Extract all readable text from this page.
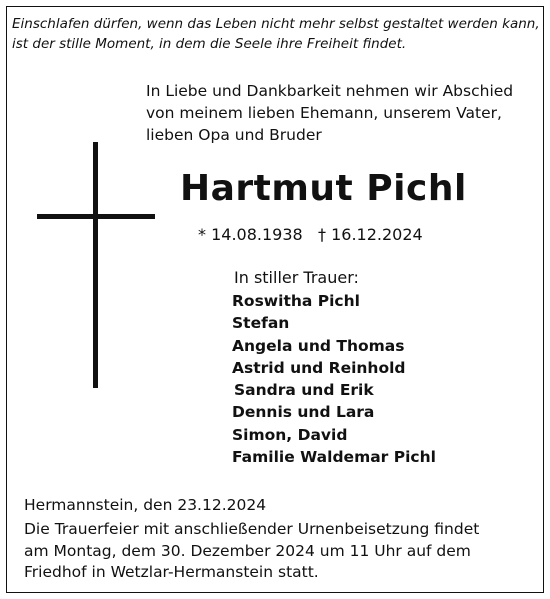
Einschlafen dürfen, wenn das Leben nicht mehr selbst gestaltet werden kann,
ist der stille Moment, in dem die Seele ihre Freiheit findet.
In Liebe und Dankbarkeit nehmen wir Abschied
von meinem lieben Ehemann, unserem Vater,
lieben Opa und Bruder
Hartmut Pichl
* 14.08.1938 † 16.12.2024
In stiller Trauer:
Roswitha Pichl
Stefan
Angela und Thomas
Astrid und Reinhold
Sandra und Erik
Dennis und Lara
Simon, David
Familie Waldemar Pichl
Hermannstein, den 23.12.2024
Die Trauerfeier mit anschließender Urnenbeisetzung findet
am Montag, dem 30. Dezember 2024 um 11 Uhr auf dem
Friedhof in Wetzlar-Hermanstein statt.
